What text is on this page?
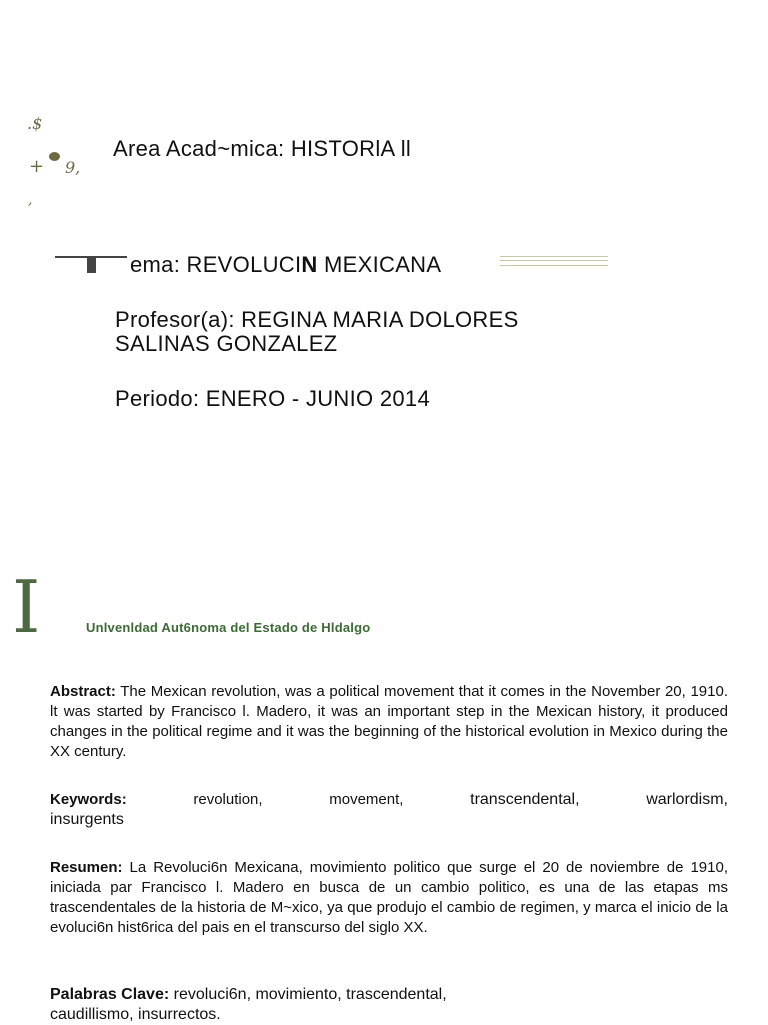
.$
+ 9,
,
Area Acad~mica: HISTORlA ll
ema: REVOLUCIN MEXICANA
Profesor(a): REGINA MARIA DOLORES
SALINAS GONZALEZ
Periodo: ENERO - JUNIO 2014
I	Unlvenldad Aut6noma del Estado de Hldalgo
Abstract: The Mexican revolution, was a political movement that it comes in the November 20, 1910. lt was started by Francisco l. Madero, it was an important step in the Mexican history, it produced changes in the political regime and it was the beginning of the historical evolution in Mexico during the XX century.
Keywords:	revolution,	movement,	transcendental,	warlordism,
insurgents
Resumen: La Revoluci6n Mexicana, movimiento politico que surge el 20 de noviembre de 1910, iniciada par Francisco l. Madero en busca de un cambio politico, es una de las etapas ms trascendentales de la historia de M~xico, ya que produjo el cambio de regimen, y marca el inicio de la evoluci6n hist6rica del pais en el transcurso del siglo XX.
Palabras Clave: revoluci6n, movimiento, trascendental,
caudillismo, insurrectos.
